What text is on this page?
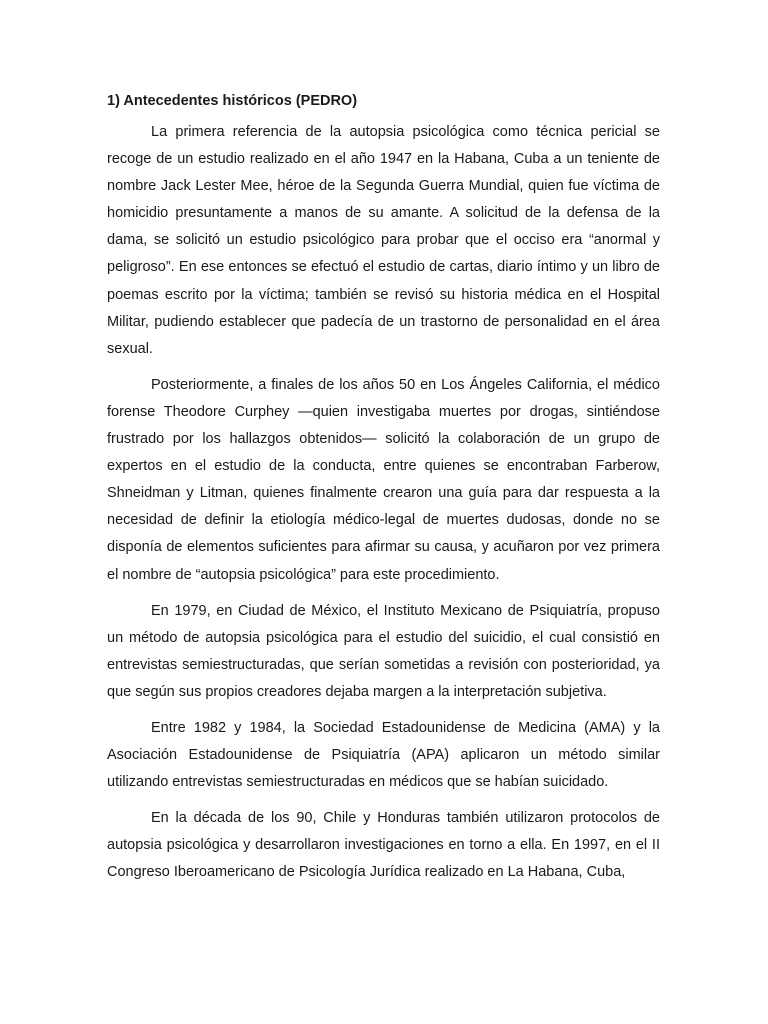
1) Antecedentes históricos (PEDRO)

La primera referencia de la autopsia psicológica como técnica pericial se recoge de un estudio realizado en el año 1947 en la Habana, Cuba a un teniente de nombre Jack Lester Mee, héroe de la Segunda Guerra Mundial, quien fue víctima de homicidio presuntamente a manos de su amante. A solicitud de la defensa de la dama, se solicitó un estudio psicológico para probar que el occiso era “anormal y peligroso”. En ese entonces se efectuó el estudio de cartas, diario íntimo y un libro de poemas escrito por la víctima; también se revisó su historia médica en el Hospital Militar, pudiendo establecer que padecía de un trastorno de personalidad en el área sexual.

Posteriormente, a finales de los años 50 en Los Ángeles California, el médico forense Theodore Curphey —quien investigaba muertes por drogas, sintiéndose frustrado por los hallazgos obtenidos— solicitó la colaboración de un grupo de expertos en el estudio de la conducta, entre quienes se encontraban Farberow, Shneidman y Litman, quienes finalmente crearon una guía para dar respuesta a la necesidad de definir la etiología médico-legal de muertes dudosas, donde no se disponía de elementos suficientes para afirmar su causa, y acuñaron por vez primera el nombre de “autopsia psicológica” para este procedimiento.

En 1979, en Ciudad de México, el Instituto Mexicano de Psiquiatría, propuso un método de autopsia psicológica para el estudio del suicidio, el cual consistió en entrevistas semiestructuradas, que serían sometidas a revisión con posterioridad, ya que según sus propios creadores dejaba margen a la interpretación subjetiva.

Entre 1982 y 1984, la Sociedad Estadounidense de Medicina (AMA) y la Asociación Estadounidense de Psiquiatría (APA) aplicaron un método similar utilizando entrevistas semiestructuradas en médicos que se habían suicidado.

En la década de los 90, Chile y Honduras también utilizaron protocolos de autopsia psicológica y desarrollaron investigaciones en torno a ella. En 1997, en el II Congreso Iberoamericano de Psicología Jurídica realizado en La Habana, Cuba,
